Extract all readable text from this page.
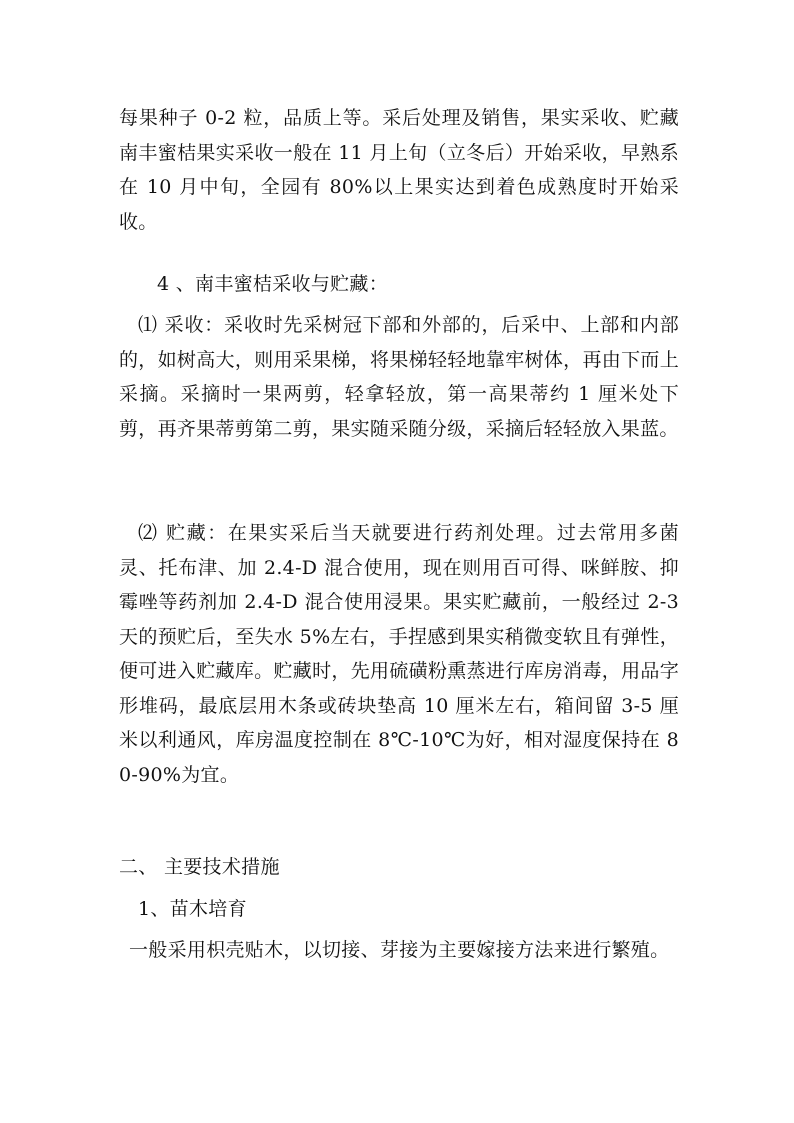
每果种子 0-2 粒，品质上等。采后处理及销售，果实采收、贮藏南丰蜜桔果实采收一般在 11 月上旬（立冬后）开始采收，早熟系在 10 月中旬，全园有 80%以上果实达到着色成熟度时开始采收。

4 、南丰蜜桔采收与贮藏：

⑴ 采收：采收时先采树冠下部和外部的，后采中、上部和内部的，如树高大，则用采果梯，将果梯轻轻地靠牢树体，再由下而上采摘。采摘时一果两剪，轻拿轻放，第一高果蒂约 1 厘米处下剪，再齐果蒂剪第二剪，果实随采随分级，采摘后轻轻放入果蓝。

⑵ 贮藏：在果实采后当天就要进行药剂处理。过去常用多菌灵、托布津、加 2.4-D 混合使用，现在则用百可得、咪鲜胺、抑霉唑等药剂加 2.4-D 混合使用浸果。果实贮藏前，一般经过 2-3 天的预贮后，至失水 5%左右，手捏感到果实稍微变软且有弹性，便可进入贮藏库。贮藏时，先用硫磺粉熏蒸进行库房消毒，用品字形堆码，最底层用木条或砖块垫高 10 厘米左右，箱间留 3-5 厘米以利通风，库房温度控制在 8℃-10℃为好，相对湿度保持在 80-90%为宜。

二、 主要技术措施

1、苗木培育

一般采用枳壳贴木，以切接、芽接为主要嫁接方法来进行繁殖。
